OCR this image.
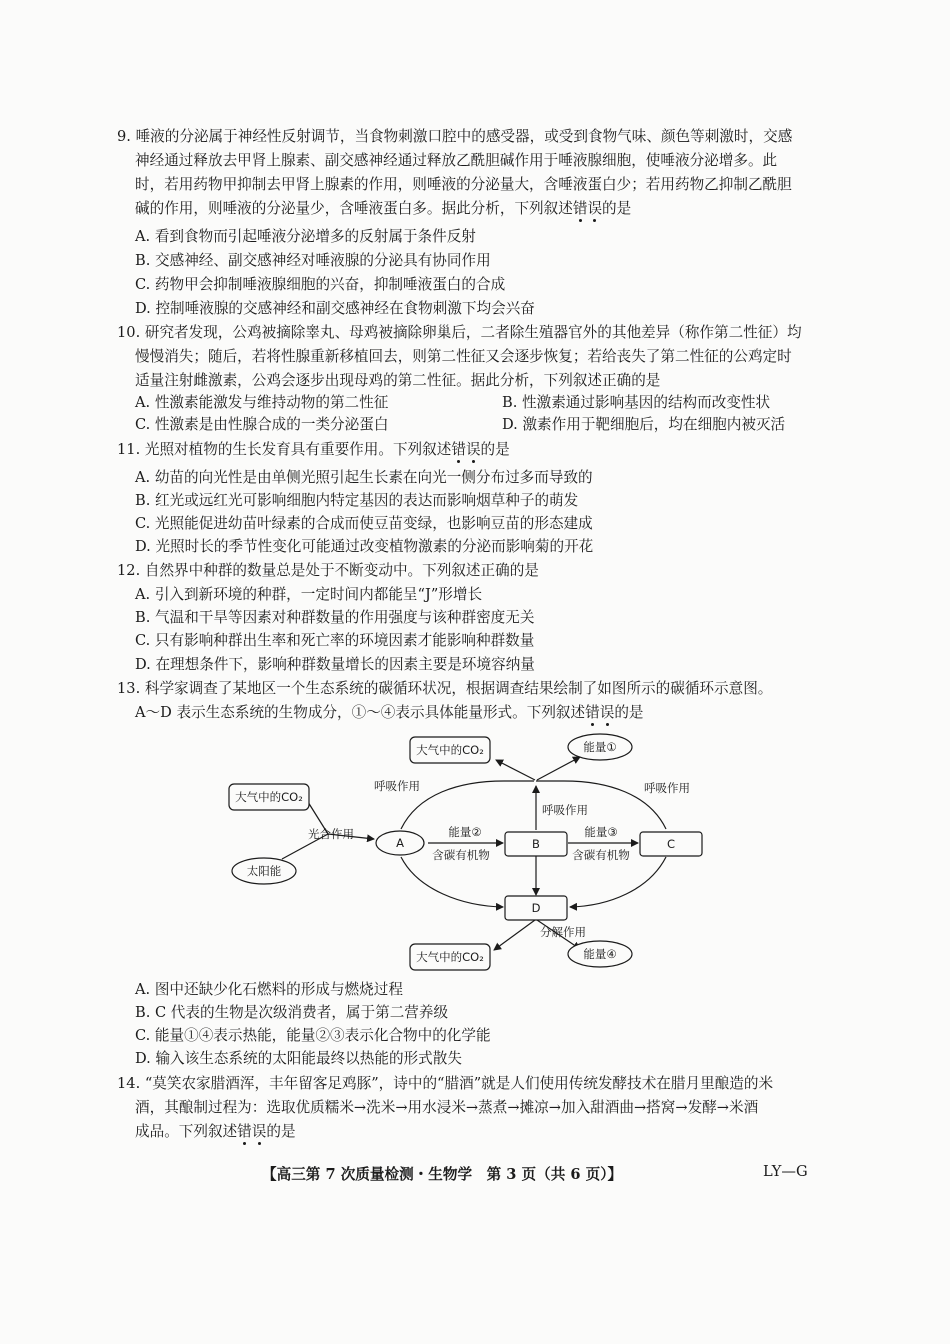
9. 唾液的分泌属于神经性反射调节，当食物刺激口腔中的感受器，或受到食物气味、颜色等刺激时，交感
神经通过释放去甲肾上腺素、副交感神经通过释放乙酰胆碱作用于唾液腺细胞，使唾液分泌增多。此
时，若用药物甲抑制去甲肾上腺素的作用，则唾液的分泌量大，含唾液蛋白少；若用药物乙抑制乙酰胆
碱的作用，则唾液的分泌量少，含唾液蛋白多。据此分析，下列叙述错误的是
A. 看到食物而引起唾液分泌增多的反射属于条件反射
B. 交感神经、副交感神经对唾液腺的分泌具有协同作用
C. 药物甲会抑制唾液腺细胞的兴奋，抑制唾液蛋白的合成
D. 控制唾液腺的交感神经和副交感神经在食物刺激下均会兴奋
10. 研究者发现，公鸡被摘除睾丸、母鸡被摘除卵巢后，二者除生殖器官外的其他差异（称作第二性征）均
慢慢消失；随后，若将性腺重新移植回去，则第二性征又会逐步恢复；若给丧失了第二性征的公鸡定时
适量注射雌激素，公鸡会逐步出现母鸡的第二性征。据此分析，下列叙述正确的是
A. 性激素能激发与维持动物的第二性征	B. 性激素通过影响基因的结构而改变性状
C. 性激素是由性腺合成的一类分泌蛋白	D. 激素作用于靶细胞后，均在细胞内被灭活
11. 光照对植物的生长发育具有重要作用。下列叙述错误的是
A. 幼苗的向光性是由单侧光照引起生长素在向光一侧分布过多而导致的
B. 红光或远红光可影响细胞内特定基因的表达而影响烟草种子的萌发
C. 光照能促进幼苗叶绿素的合成而使豆苗变绿，也影响豆苗的形态建成
D. 光照时长的季节性变化可能通过改变植物激素的分泌而影响菊的开花
12. 自然界中种群的数量总是处于不断变动中。下列叙述正确的是
A. 引入到新环境的种群，一定时间内都能呈“J”形增长
B. 气温和干旱等因素对种群数量的作用强度与该种群密度无关
C. 只有影响种群出生率和死亡率的环境因素才能影响种群数量
D. 在理想条件下，影响种群数量增长的因素主要是环境容纳量
13. 科学家调查了某地区一个生态系统的碳循环状况，根据调查结果绘制了如图所示的碳循环示意图。
A～D 表示生态系统的生物成分，①～④表示具体能量形式。下列叙述错误的是
大气中的CO₂
太阳能
大气中的CO₂	能量①
A	B	C
D
大气中的CO₂	能量④
光合作用
呼吸作用
呼吸作用
呼吸作用
能量②
含碳有机物
能量③
含碳有机物
分解作用
A. 图中还缺少化石燃料的形成与燃烧过程
B. C 代表的生物是次级消费者，属于第二营养级
C. 能量①④表示热能，能量②③表示化合物中的化学能
D. 输入该生态系统的太阳能最终以热能的形式散失
14. “莫笑农家腊酒浑，丰年留客足鸡豚”，诗中的“腊酒”就是人们使用传统发酵技术在腊月里酿造的米
酒，其酿制过程为：选取优质糯米→洗米→用水浸米→蒸煮→摊凉→加入甜酒曲→搭窝→发酵→米酒
成品。下列叙述错误的是
【高三第 7 次质量检测・生物学　第 3 页（共 6 页）】	LY—G
